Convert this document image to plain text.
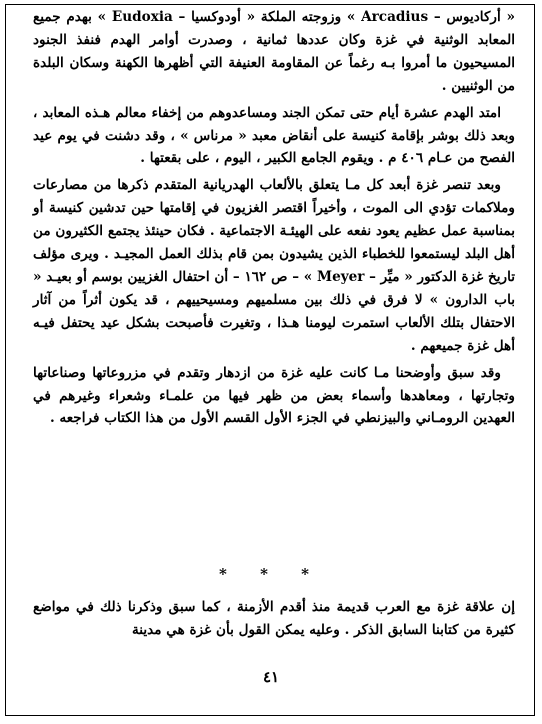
« أركاديوس – Arcadius » وزوجته الملكة « أودوكسيا – Eudoxia » بهدم جميع المعابد الوثنية في غزة وكان عددها ثمانية ، وصدرت أوامر الهدم فنفذ الجنود المسيحيون ما أمروا بـه رغماً عن المقاومة العنيفة التي أظهرها الكهنة وسكان البلدة من الوثنيين .

امتد الهدم عشرة أيام حتى تمكن الجند ومساعدوهم من إخفاء معالم هـذه المعابد ، وبعد ذلك بوشر بإقامة كنيسة على أنقاض معبد « مرناس » ، وقد دشنت في يوم عيد الفصح من عـام ٤٠٦ م . ويقوم الجامع الكبير ، اليوم ، على بقعتها .

وبعد تنصر غزة أبعد كل مـا يتعلق بالألعاب الهدريانية المتقدم ذكرها من مصارعات وملاكمات تؤدي الى الموت ، وأخيراً اقتصر الغزيون في إقامتها حين تدشين كنيسة أو بمناسبة عمل عظيم يعود نفعه على الهيئـة الاجتماعية . فكان حينئذ يجتمع الكثيرون من أهل البلد ليستمعوا للخطباء الذين يشيدون بمن قام بذلك العمل المجيـد . ويرى مؤلف تاريخ غزة الدكتور « ميِّر – Meyer » – ص ١٦٢ – أن احتفال الغزيين بوسم أو بعيـد « باب الدارون » لا فرق في ذلك بين مسلميهم ومسيحييهم ، قد يكون أثراً من آثار الاحتفال بتلك الألعاب استمرت ليومنا هـذا ، وتغيرت فأصبحت بشكل عيد يحتفل فيـه أهل غزة جميعهم .

وقد سبق وأوضحنا مـا كانت عليه غزة من ازدهار وتقدم في مزروعاتها وصناعاتها وتجارتها ، ومعاهدها وأسماء بعض من ظهر فيها من علمـاء وشعراء وغيرهم في العهدين الرومـاني والبيزنطي في الجزء الأول القسم الأول من هذا الكتاب فراجعه .

* * *

إن علاقة غزة مع العرب قديمة منذ أقدم الأزمنة ، كما سبق وذكرنا ذلك في مواضع كثيرة من كتابنا السابق الذكر . وعليه يمكن القول بأن غزة هي مدينة

٤١
